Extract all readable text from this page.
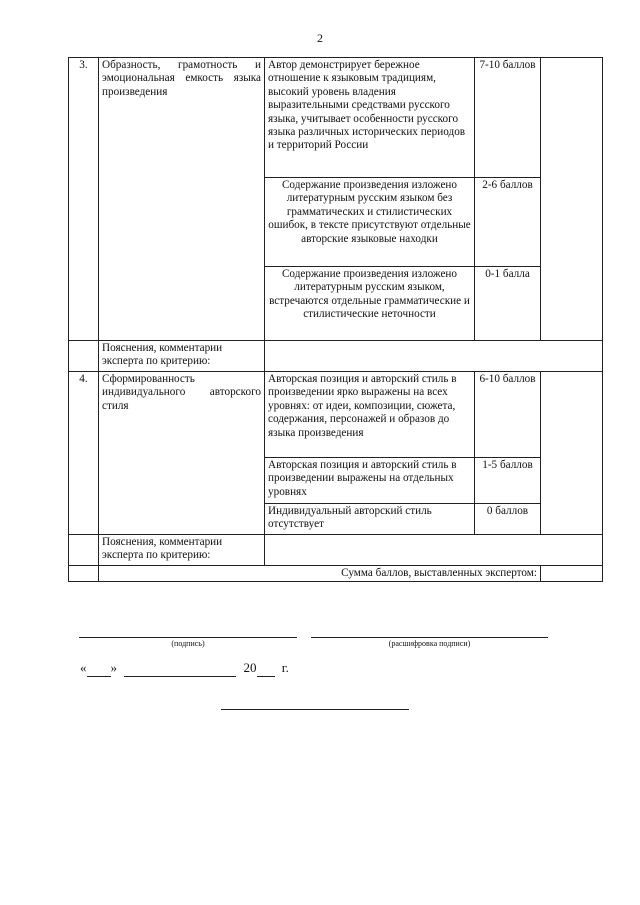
2
3.	Образность, грамотность и эмоциональная емкость языка произведения	Автор демонстрирует бережное отношение к языковым традициям, высокий уровень владения выразительными средствами русского языка, учитывает особенности русского языка различных исторических периодов и территорий России	7-10 баллов	
		Содержание произведения изложено литературным русским языком без грамматических и стилистических ошибок, в тексте присутствуют отдельные авторские языковые находки	2-6 баллов	
		Содержание произведения изложено литературным русским языком, встречаются отдельные грамматические и стилистические неточности	0-1 балла	
	Пояснения, комментарии эксперта по критерию:			
4.	Сформированность индивидуального авторского стиля	Авторская позиция и авторский стиль в произведении ярко выражены на всех уровнях: от идеи, композиции, сюжета, содержания, персонажей и образов до языка произведения	6-10 баллов	
		Авторская позиция и авторский стиль в произведении выражены на отдельных уровнях	1-5 баллов	
		Индивидуальный авторский стиль отсутствует	0 баллов	
	Пояснения, комментарии эксперта по критерию:			
	Сумма баллов, выставленных экспертом:			
(подпись)	(расшифровка подписи)
« »	20 г.
